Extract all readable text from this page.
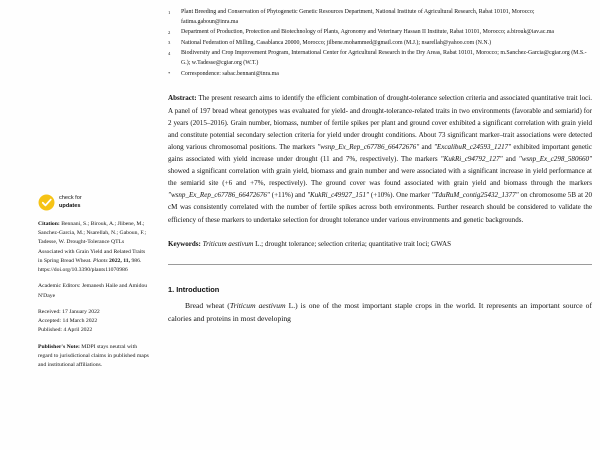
check for
updates
Citation: Bennani, S.; Birouk, A.; Jlibene, M.; Sanchez-Garcia, M.; Nsarellah, N.; Gaboun, F.; Tadesse, W. Drought-Tolerance QTLs Associated with Grain Yield and Related Traits in Spring Bread Wheat. Plants 2022, 11, 986. https://doi.org/10.3390/plants11070986
Academic Editors: Jemanesh Haile and Amidou N'Daye
Received: 17 January 2022
Accepted: 14 March 2022
Published: 4 April 2022
Publisher's Note: MDPI stays neutral with regard to jurisdictional claims in published maps and institutional affiliations.
1	Plant Breeding and Conservation of Phytogenetic Genetic Resources Department, National Institute of Agricultural Research, Rabat 10101, Morocco; fatima.gaboun@inra.ma
2	Department of Production, Protection and Biotechnology of Plants, Agronomy and Veterinary Hassan II Institute, Rabat 10101, Morocco; a.birouk@iav.ac.ma
3	National Federation of Milling, Casablanca 20000, Morocco; jilbene.mohammed@gmail.com (M.J.); nsarellah@yahoo.com (N.N.)
4	Biodiversity and Crop Improvement Program, International Center for Agricultural Research in the Dry Areas, Rabat 10101, Morocco; m.Sanchez-Garcia@cgiar.org (M.S.-G.); w.Tadesse@cgiar.org (W.T.)
*	Correspondence: sabac.bennani@inra.ma
Abstract: The present research aims to identify the efficient combination of drought-tolerance selection criteria and associated quantitative trait loci. A panel of 197 bread wheat genotypes was evaluated for yield- and drought-tolerance-related traits in two environments (favorable and semiarid) for 2 years (2015–2016). Grain number, biomass, number of fertile spikes per plant and ground cover exhibited a significant correlation with grain yield and constitute potential secondary selection criteria for yield under drought conditions. About 73 significant marker–trait associations were detected along various chromosomal positions. The markers "wsnp_Ex_Rep_c67786_66472676" and "ExcalibuR_c24593_1217" exhibited important genetic gains associated with yield increase under drought (11 and 7%, respectively). The markers "KukRi_c94792_127" and "wsnp_Ex_c298_580660" showed a significant correlation with grain yield, biomass and grain number and were associated with a significant increase in yield performance at the semiarid site (+6 and +7%, respectively). The ground cover was found associated with grain yield and biomass through the markers "wsnp_Ex_Rep_c67786_66472676" (+11%) and "KukRi_c49927_151" (+10%). One marker "TduRuM_contig25432_1377" on chromosome 5B at 20 cM was consistently correlated with the number of fertile spikes across both environments. Further research should be considered to validate the efficiency of these markers to undertake selection for drought tolerance under various environments and genetic backgrounds.
Keywords: Triticum aestivum L.; drought tolerance; selection criteria; quantitative trait loci; GWAS
1. Introduction
Bread wheat (Triticum aestivum L.) is one of the most important staple crops in the world. It represents an important source of calories and proteins in most developing
